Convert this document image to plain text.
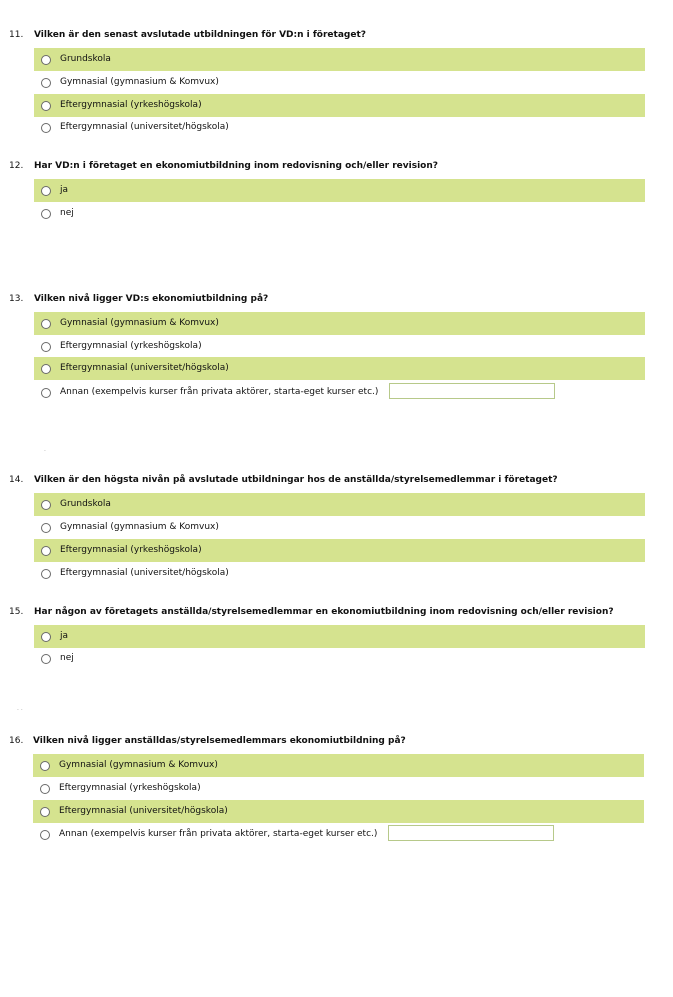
11. Vilken är den senast avslutade utbildningen för VD:n i företaget?
Grundskola
Gymnasial (gymnasium & Komvux)
Eftergymnasial (yrkeshögskola)
Eftergymnasial (universitet/högskola)
12. Har VD:n i företaget en ekonomiutbildning inom redovisning och/eller revision?
ja
nej
13. Vilken nivå ligger VD:s ekonomiutbildning på?
Gymnasial (gymnasium & Komvux)
Eftergymnasial (yrkeshögskola)
Eftergymnasial (universitet/högskola)
Annan (exempelvis kurser från privata aktörer, starta-eget kurser etc.)
.
14. Vilken är den högsta nivån på avslutade utbildningar hos de anställda/styrelsemedlemmar i företaget?
Grundskola
Gymnasial (gymnasium & Komvux)
Eftergymnasial (yrkeshögskola)
Eftergymnasial (universitet/högskola)
15. Har någon av företagets anställda/styrelsemedlemmar en ekonomiutbildning inom redovisning och/eller revision?
ja
nej
. .
16. Vilken nivå ligger anställdas/styrelsemedlemmars ekonomiutbildning på?
Gymnasial (gymnasium & Komvux)
Eftergymnasial (yrkeshögskola)
Eftergymnasial (universitet/högskola)
Annan (exempelvis kurser från privata aktörer, starta-eget kurser etc.)
